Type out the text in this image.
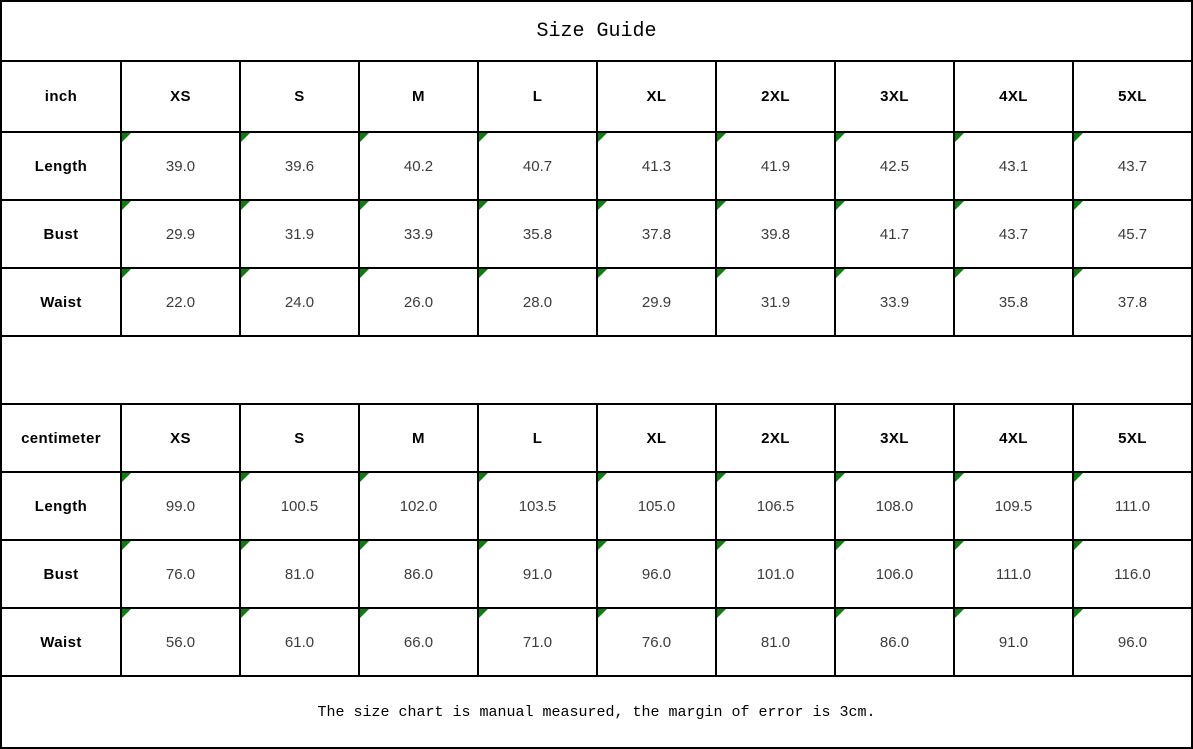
Size Guide
inch	XS	S	M	L	XL	2XL	3XL	4XL	5XL
Length	39.0	39.6	40.2	40.7	41.3	41.9	42.5	43.1	43.7
Bust	29.9	31.9	33.9	35.8	37.8	39.8	41.7	43.7	45.7
Waist	22.0	24.0	26.0	28.0	29.9	31.9	33.9	35.8	37.8
centimeter	XS	S	M	L	XL	2XL	3XL	4XL	5XL
Length	99.0	100.5	102.0	103.5	105.0	106.5	108.0	109.5	111.0
Bust	76.0	81.0	86.0	91.0	96.0	101.0	106.0	111.0	116.0
Waist	56.0	61.0	66.0	71.0	76.0	81.0	86.0	91.0	96.0
The size chart is manual measured, the margin of error is 3cm.
